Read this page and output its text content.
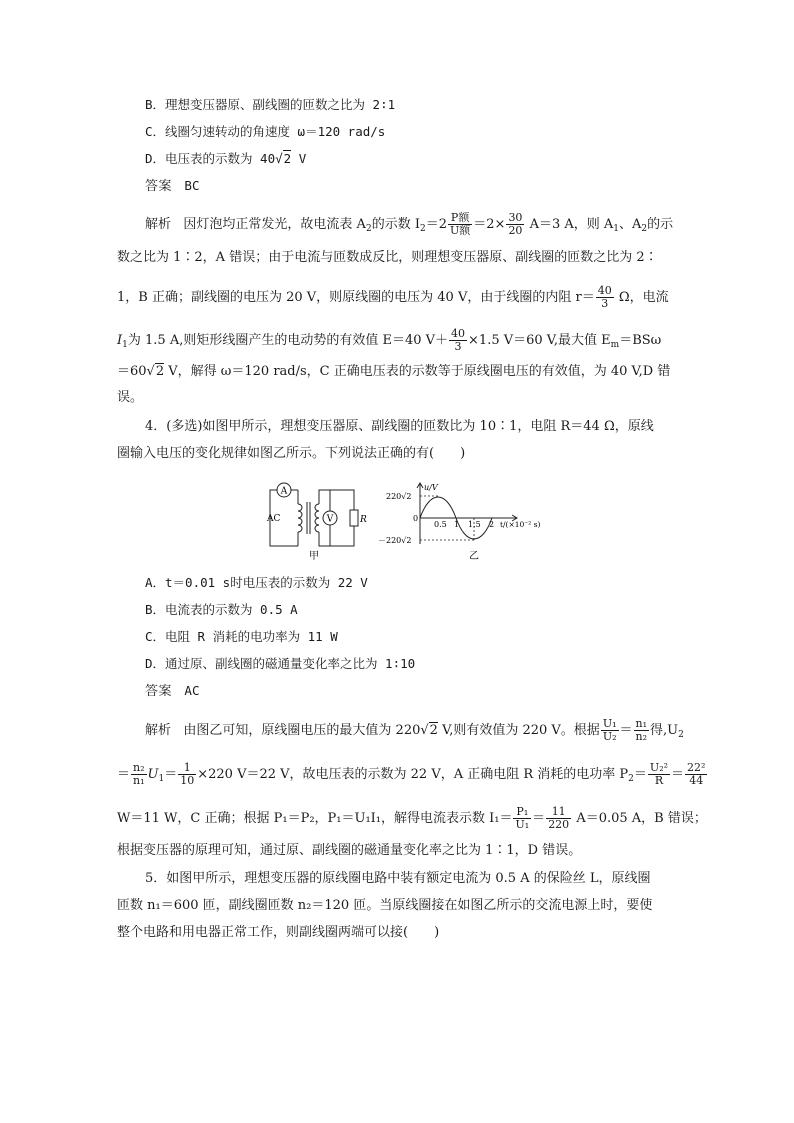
B．理想变压器原、副线圈的匝数之比为 2∶1
C．线圈匀速转动的角速度 ω＝120 rad/s
D．电压表的示数为 40√2 V
答案 BC
解析 因灯泡均正常发光，故电流表 $A_2$的示数 $I_2=2 \frac{\text{P额}}{\text{U额}} =2\times \frac{30}{20} A=3$ A，则 $A_1$、$A_2$的示
数之比为 1∶2，A 错误；由于电流与匝数成反比，则理想变压器原、副线圈的匝数之比为 2∶
1，B 正确；副线圈的电压为 20 V，则原线圈的电压为 40 V，由于线圈的内阻 $r= \frac{40}{3}$ Ω，电流
$I_1$为 1.5 A,则矩形线圈产生的电动势的有效值 E＝40 $V+ \frac{40}{3} \times 1.5$ V＝60 V,最大值 $E_m=BS\omega$
＝60√2 V，解得 ω＝120 rad/s，C 正确电压表的示数等于原线圈电压的有效值，为 40 V,D 错
误。
4．(多选)如图甲所示，理想变压器原、副线圈的匝数比为 10∶1，电阻 R＝44 Ω，原线
圈输入电压的变化规律如图乙所示。下列说法正确的有(　　)
A
V	R
AC
甲
u/V
220√2
0
－220√2
0.5 1 1.5 2 t/(×10⁻² s)
乙
A．t＝0.01 s时电压表的示数为 22 V
B．电流表的示数为 0.5 A
C．电阻 R 消耗的电功率为 11 W
D．通过原、副线圈的磁通量变化率之比为 1∶10
答案 AC
解析 由图乙可知，原线圈电压的最大值为 220√2 V,则有效值为 220 V。根据 $\frac{\text{U₁}}{\text{U₂}} = \frac{\text{n₁}}{\text{n₂}}$ 得$,U_2$
＝ $\frac{\text{n₂}}{\text{n₁}} U_1= \frac{1}{10} \times 220$ V＝22 V，故电压表的示数为 22 V，A 正确电阻 R 消耗的电功率 $P_2= \frac{\text{U₂²}}{R} = \frac{\text{22²}}{44}$
W＝11 W，C 正确；根据 P₁＝P₂，P₁＝U₁I₁，解得电流表示数 $I_1= \frac{\text{P₁}}{\text{U₁}} = \frac{11}{220} A=0.05$ A，B 错误；
根据变压器的原理可知，通过原、副线圈的磁通量变化率之比为 1∶1，D 错误。
5．如图甲所示，理想变压器的原线圈电路中装有额定电流为 0.5 A 的保险丝 L，原线圈
匝数 n₁＝600 匝，副线圈匝数 n₂＝120 匝。当原线圈接在如图乙所示的交流电源上时，要使
整个电路和用电器正常工作，则副线圈两端可以接(　　)
